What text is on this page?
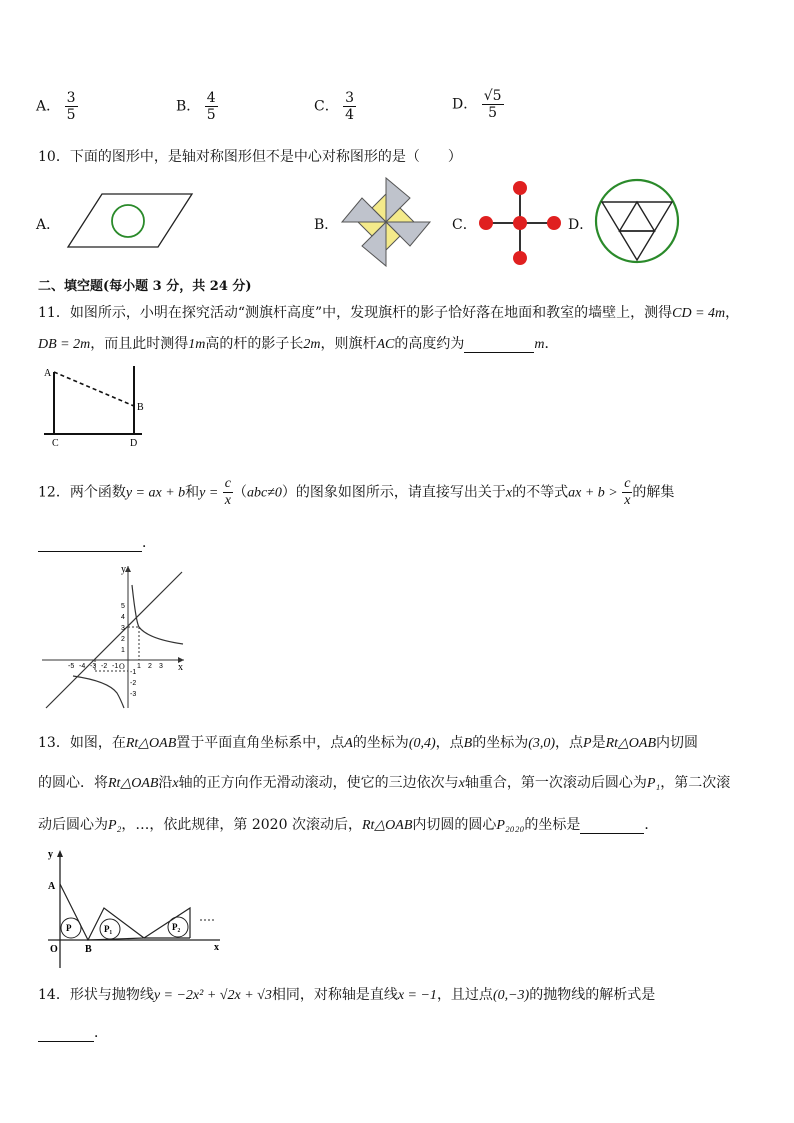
A． $\frac{3}{5}$	B． $\frac{4}{5}$	C． $\frac{3}{4}$	D． $\frac{√5}{5}$
10．下面的图形中，是轴对称图形但不是中心对称图形的是（　　）
A．	B．	C．	D．
二、填空题(每小题 3 分，共 24 分)
11．如图所示，小明在探究活动“测旗杆高度”中，发现旗杆的影子恰好落在地面和教室的墙壁上，测得CD = 4m，
DB = 2m，而且此时测得1m高的杆的影子长2m，则旗杆AC的高度约为	m．
A
B
C	D
12．两个函数y = ax + b和$y = \frac{c}{x} (abc\ne 0)$的图象如图所示，请直接写出关于x的不等式ax + $b > \frac{c}{x}$ 的解集
．
y
x
O
-5 -4 -3 -2 -1	1 2 3
5
4
3
2
1
-1
-2
-3
13．如图，在Rt△OAB置于平面直角坐标系中，点A的坐标为(0,4)，点B的坐标为(3,0)，点P是Rt△OAB内切圆
的圆心．将Rt△OAB沿x轴的正方向作无滑动滚动，使它的三边依次与x轴重合，第一次滚动后圆心为P₁，第二次滚
动后圆心为P₂，…，依此规律，第 2020 次滚动后，Rt△OAB内切圆的圆心P₂₀₂₀的坐标是	．
y
x
A
O	B
P	P₁	P₂
14．形状与抛物线y = −2x² + √2x + √3相同，对称轴是直线x = −1，且过点(0,−3)的抛物线的解析式是
．
